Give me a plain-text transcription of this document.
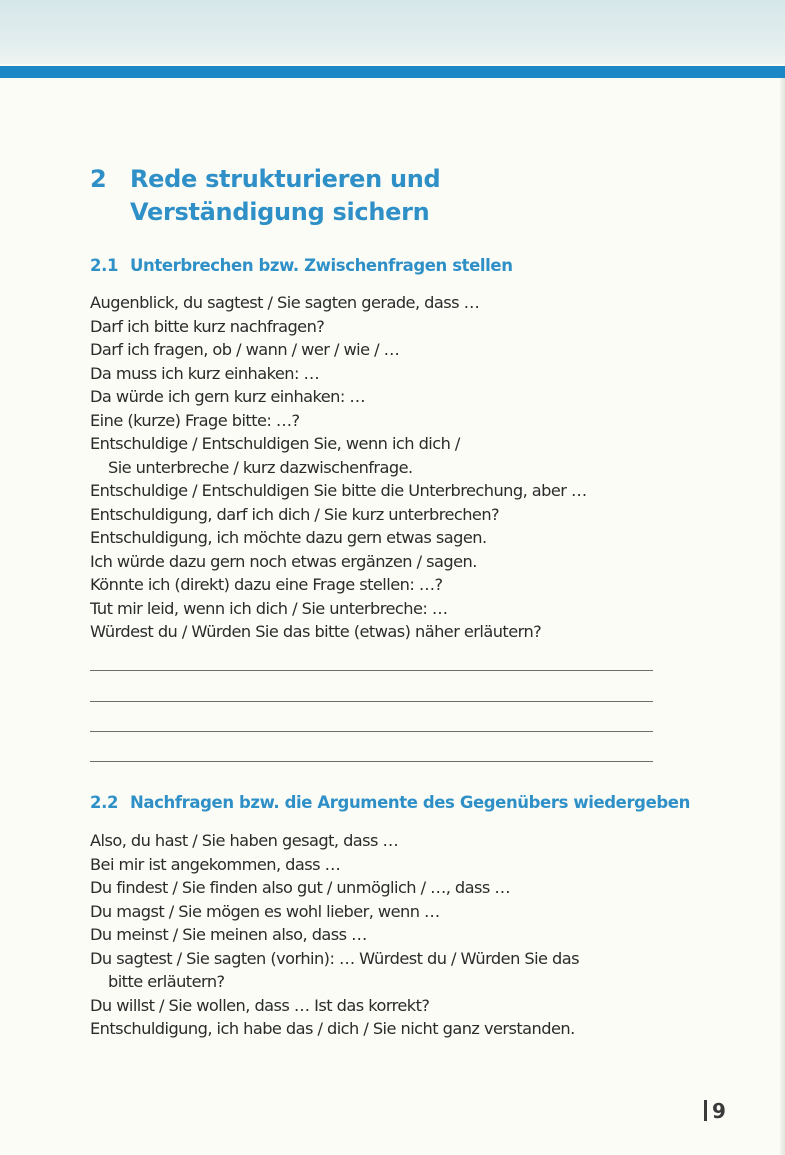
2 Rede strukturieren und
Verständigung sichern
2.1 Unterbrechen bzw. Zwischenfragen stellen
Augenblick, du sagtest / Sie sagten gerade, dass …
Darf ich bitte kurz nachfragen?
Darf ich fragen, ob / wann / wer / wie / …
Da muss ich kurz einhaken: …
Da würde ich gern kurz einhaken: …
Eine (kurze) Frage bitte: …?
Entschuldige / Entschuldigen Sie, wenn ich dich /
Sie unterbreche / kurz dazwischenfrage.
Entschuldige / Entschuldigen Sie bitte die Unterbrechung, aber …
Entschuldigung, darf ich dich / Sie kurz unterbrechen?
Entschuldigung, ich möchte dazu gern etwas sagen.
Ich würde dazu gern noch etwas ergänzen / sagen.
Könnte ich (direkt) dazu eine Frage stellen: …?
Tut mir leid, wenn ich dich / Sie unterbreche: …
Würdest du / Würden Sie das bitte (etwas) näher erläutern?
2.2 Nachfragen bzw. die Argumente des Gegenübers wiedergeben
Also, du hast / Sie haben gesagt, dass …
Bei mir ist angekommen, dass …
Du findest / Sie finden also gut / unmöglich / …, dass …
Du magst / Sie mögen es wohl lieber, wenn …
Du meinst / Sie meinen also, dass …
Du sagtest / Sie sagten (vorhin): … Würdest du / Würden Sie das
bitte erläutern?
Du willst / Sie wollen, dass … Ist das korrekt?
Entschuldigung, ich habe das / dich / Sie nicht ganz verstanden.
9
